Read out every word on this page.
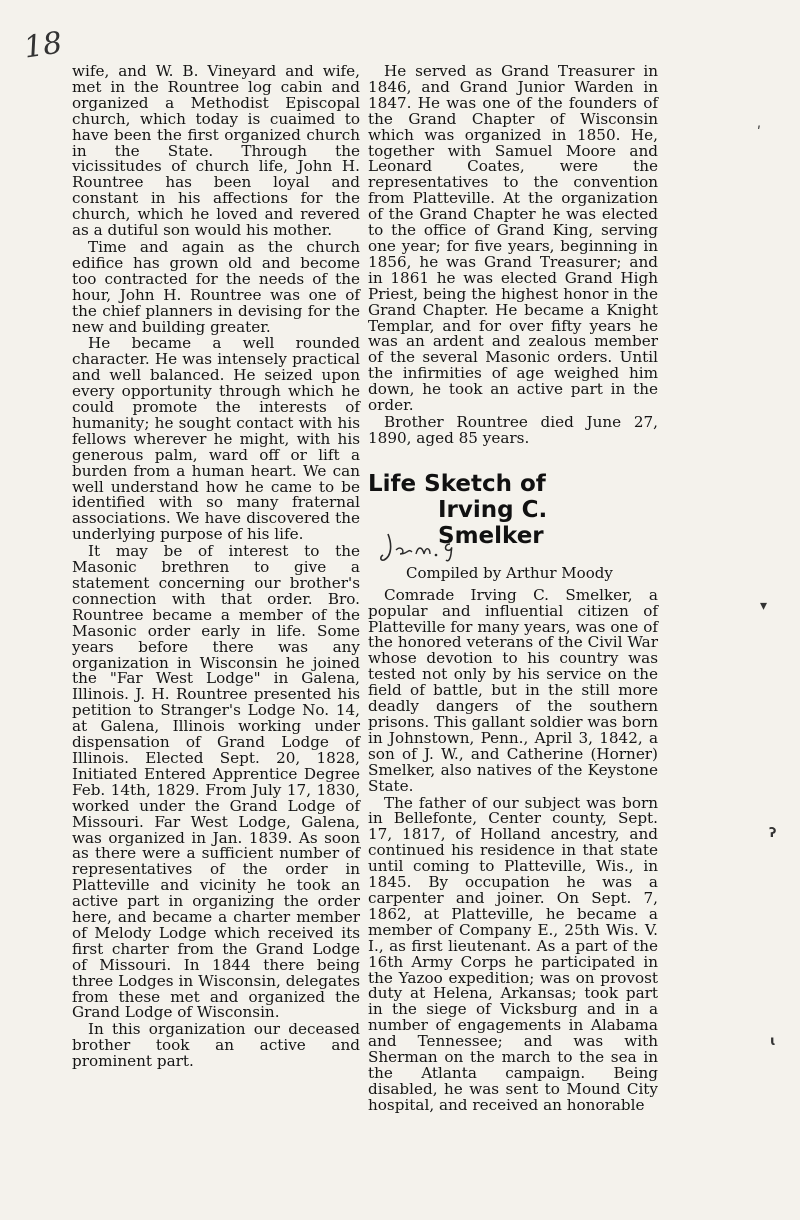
18

wife, and W. B. Vineyard and wife, met in the Rountree log cabin and organized a Methodist Episcopal church, which today is cuaimed to have been the first organized church in the State. Through the vicissitudes of church life, John H. Rountree has been loyal and constant in his affections for the church, which he loved and revered as a dutiful son would his mother.

Time and again as the church edifice has grown old and become too contracted for the needs of the hour, John H. Rountree was one of the chief planners in devising for the new and building greater.

He became a well rounded character. He was intensely practical and well balanced. He seized upon every opportunity through which he could promote the interests of humanity; he sought contact with his fellows wherever he might, with his generous palm, ward off or lift a burden from a human heart. We can well understand how he came to be identified with so many fraternal associations. We have discovered the underlying purpose of his life.

It may be of interest to the Masonic brethren to give a statement concerning our brother's connection with that order. Bro. Rountree became a member of the Masonic order early in life. Some years before there was any organization in Wisconsin he joined the "Far West Lodge" in Galena, Illinois. J. H. Rountree presented his petition to Stranger's Lodge No. 14, at Galena, Illinois working under dispensation of Grand Lodge of Illinois. Elected Sept. 20, 1828, Initiated Entered Apprentice Degree Feb. 14th, 1829. From July 17, 1830, worked under the Grand Lodge of Missouri. Far West Lodge, Galena, was organized in Jan. 1839. As soon as there were a sufficient number of representatives of the order in Platteville and vicinity he took an active part in organizing the order here, and became a charter member of Melody Lodge which received its first charter from the Grand Lodge of Missouri. In 1844 there being three Lodges in Wisconsin, delegates from these met and organized the Grand Lodge of Wisconsin.

In this organization our deceased brother took an active and prominent part.

He served as Grand Treasurer in 1846, and Grand Junior Warden in 1847. He was one of the founders of the Grand Chapter of Wisconsin which was organized in 1850. He, together with Samuel Moore and Leonard Coates, were the representatives to the convention from Platteville. At the organization of the Grand Chapter he was elected to the office of Grand King, serving one year; for five years, beginning in 1856, he was Grand Treasurer; and in 1861 he was elected Grand High Priest, being the highest honor in the Grand Chapter. He became a Knight Templar, and for over fifty years he was an ardent and zealous member of the several Masonic orders. Until the infirmities of age weighed him down, he took an active part in the order.

Brother Rountree died June 27, 1890, aged 85 years.

Life Sketch of
Irving C. Smelker
Compiled by Arthur Moody

Comrade Irving C. Smelker, a popular and influential citizen of Platteville for many years, was one of the honored veterans of the Civil War whose devotion to his country was tested not only by his service on the field of battle, but in the still more deadly dangers of the southern prisons. This gallant soldier was born in Johnstown, Penn., April 3, 1842, a son of J. W., and Catherine (Horner) Smelker, also natives of the Keystone State.

The father of our subject was born in Bellefonte, Center county, Sept. 17, 1817, of Holland ancestry, and continued his residence in that state until coming to Platteville, Wis., in 1845. By occupation he was a carpenter and joiner. On Sept. 7, 1862, at Platteville, he became a member of Company E., 25th Wis. V. I., as first lieutenant. As a part of the 16th Army Corps he participated in the Yazoo expedition; was on provost duty at Helena, Arkansas; took part in the siege of Vicksburg and in a number of engagements in Alabama and Tennessee; and was with Sherman on the march to the sea in the Atlanta campaign. Being disabled, he was sent to Mound City hospital, and received an honorable

ʹ
▾
ʔ
ɩ
